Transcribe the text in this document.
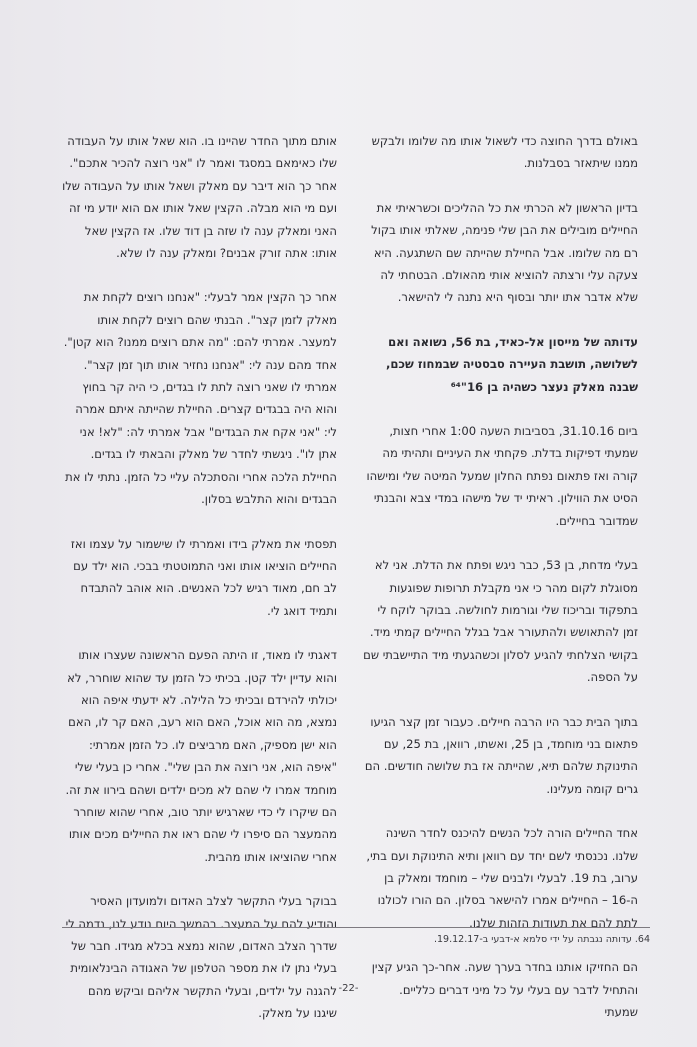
באולם בדרך החוצה כדי לשאול אותו מה שלומו ולבקש ממנו שיתאזר בסבלנות.

בדיון הראשון לא הכרתי את כל ההליכים וכשראיתי את החיילים מובילים את הבן שלי פנימה, שאלתי אותו בקול רם מה שלומו. אבל החיילת שהייתה שם השתגעה. היא צעקה עלי ורצתה להוציא אותי מהאולם. הבטחתי לה שלא אדבר אתו יותר ובסוף היא נתנה לי להישאר.

עדותה של מייסון אל-כאיד, בת 56, נשואה ואם לשלושה, תושבת העיירה סבסטיה שבמחוז שכם, שבנה מאלק נעצר כשהיה בן 16"⁶⁴

ביום 31.10.16, בסביבות השעה 1:00 אחרי חצות, שמעתי דפיקות בדלת. פקחתי את העיניים ותהיתי מה קורה ואז פתאום נפתח החלון שמעל המיטה שלי ומישהו הסיט את הווילון. ראיתי יד של מישהו במדי צבא והבנתי שמדובר בחיילים.

בעלי מדחת, בן 53, כבר ניגש ופתח את הדלת. אני לא מסוגלת לקום מהר כי אני מקבלת תרופות שפוגעות בתפקוד ובריכוז שלי וגורמות לחולשה. בבוקר לוקח לי זמן להתאושש ולהתעורר אבל בגלל החיילים קמתי מיד. בקושי הצלחתי להגיע לסלון וכשהגעתי מיד התיישבתי שם על הספה.

בתוך הבית כבר היו הרבה חיילים. כעבור זמן קצר הגיעו פתאום בני מוחמד, בן 25, ואשתו, רוואן, בת 25, עם התינוקת שלהם תיא, שהייתה אז בת שלושה חודשים. הם גרים קומה מעלינו.

אחד החיילים הורה לכל הנשים להיכנס לחדר השינה שלנו. נכנסתי לשם יחד עם רוואן ותיא התינוקת ועם בתי, ערוב, בת 19. לבעלי ולבנים שלי – מוחמד ומאלק בן ה-16 – החיילים אמרו להישאר בסלון. הם הורו לכולנו לתת להם את תעודות הזהות שלנו.

הם החזיקו אותנו בחדר בערך שעה. אחר-כך הגיע קצין והתחיל לדבר עם בעלי על כל מיני דברים כלליים. שמעתי

אותם מתוך החדר שהיינו בו. הוא שאל אותו על העבודה שלו כאימאם במסגד ואמר לו "אני רוצה להכיר אתכם". אחר כך הוא דיבר עם מאלק ושאל אותו על העבודה שלו ועם מי הוא מבלה. הקצין שאל אותו אם הוא יודע מי זה האני ומאלק ענה לו שזה בן דוד שלו. אז הקצין שאל אותו: אתה זורק אבנים? ומאלק ענה לו שלא.

אחר כך הקצין אמר לבעלי: "אנחנו רוצים לקחת את מאלק לזמן קצר". הבנתי שהם רוצים לקחת אותו למעצר. אמרתי להם: "מה אתם רוצים ממנו? הוא קטן". אחד מהם ענה לי: "אנחנו נחזיר אותו תוך זמן קצר". אמרתי לו שאני רוצה לתת לו בגדים, כי היה קר בחוץ והוא היה בבגדים קצרים. החיילת שהייתה איתם אמרה לי: "אני אקח את הבגדים" אבל אמרתי לה: "לא! אני אתן לו". ניגשתי לחדר של מאלק והבאתי לו בגדים. החיילת הלכה אחרי והסתכלה עליי כל הזמן. נתתי לו את הבגדים והוא התלבש בסלון.

תפסתי את מאלק בידו ואמרתי לו שישמור על עצמו ואז החיילים הוציאו אותו ואני התמוטטתי בבכי. הוא ילד עם לב חם, מאוד רגיש לכל האנשים. הוא אוהב להתבדח ותמיד דואג לי.

דאגתי לו מאוד, זו היתה הפעם הראשונה שעצרו אותו והוא עדיין ילד קטן. בכיתי כל הזמן עד שהוא שוחרר, לא יכולתי להירדם ובכיתי כל הלילה. לא ידעתי איפה הוא נמצא, מה הוא אוכל, האם הוא רעב, האם קר לו, האם הוא ישן מספיק, האם מרביצים לו. כל הזמן אמרתי: "איפה הוא, אני רוצה את הבן שלי". אחרי כן בעלי שלי מוחמד אמרו לי שהם לא מכים ילדים ושהם בירוו את זה. הם שיקרו לי כדי שארגיש יותר טוב, אחרי שהוא שוחרר מהמעצר הם סיפרו לי שהם ראו את החיילים מכים אותו אחרי שהוציאו אותו מהבית.

בבוקר בעלי התקשר לצלב האדום ולמועדון האסיר והודיע להם על המעצר. בהמשך היום נודע לנו, נדמה לי שדרך הצלב האדום, שהוא נמצא בכלא מגידו. חבר של בעלי נתן לו את מספר הטלפון של האגודה הבינלאומית להגנה על ילדים, ובעלי התקשר אליהם וביקש מהם שיגנו על מאלק.

64. עדותה נגבתה על ידי סלמא א-דבעי ב-19.12.17.
-22-
